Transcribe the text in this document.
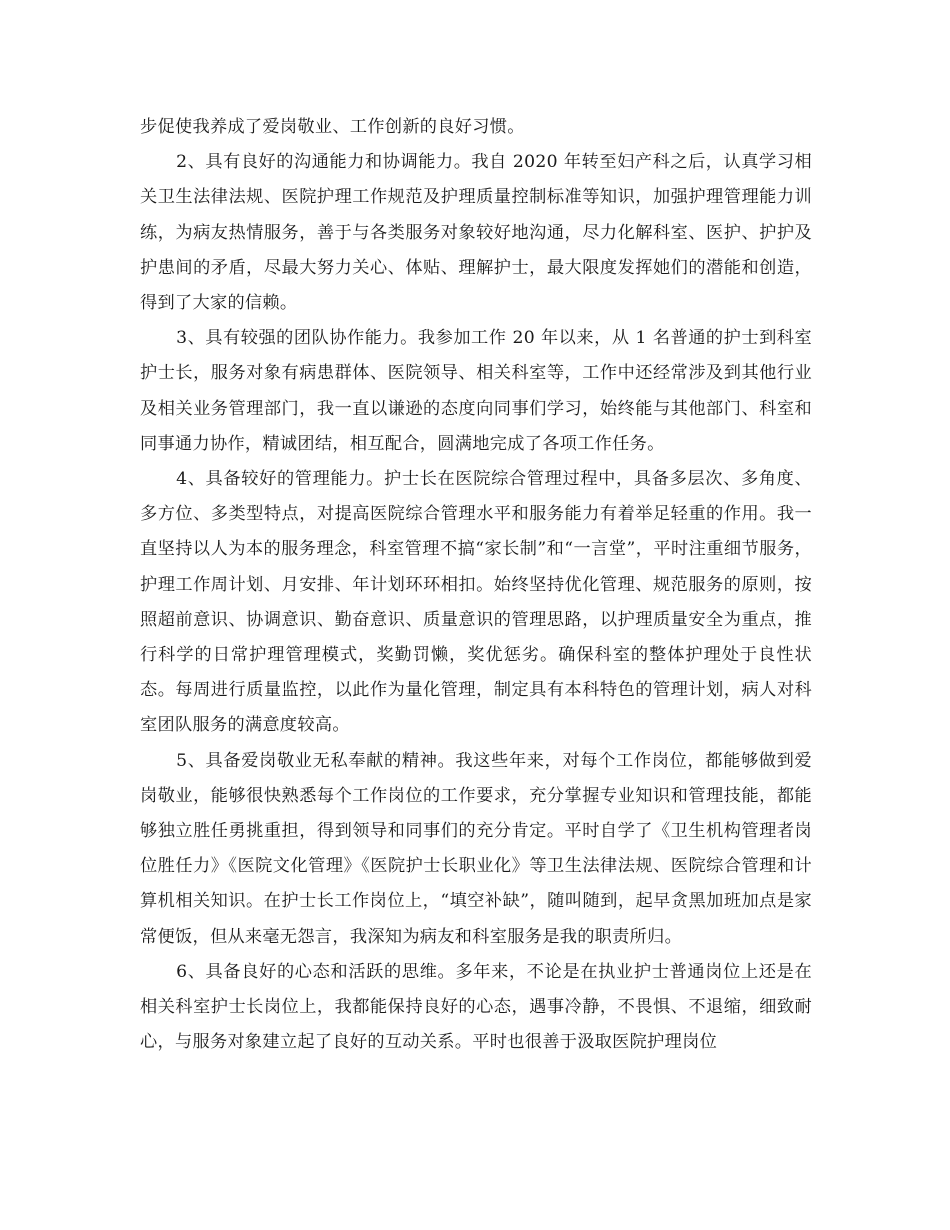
步促使我养成了爱岗敬业、工作创新的良好习惯。

2、具有良好的沟通能力和协调能力。我自 2020 年转至妇产科之后，认真学习相关卫生法律法规、医院护理工作规范及护理质量控制标准等知识，加强护理管理能力训练，为病友热情服务，善于与各类服务对象较好地沟通，尽力化解科室、医护、护护及护患间的矛盾，尽最大努力关心、体贴、理解护士，最大限度发挥她们的潜能和创造，得到了大家的信赖。

3、具有较强的团队协作能力。我参加工作 20 年以来，从 1 名普通的护士到科室护士长，服务对象有病患群体、医院领导、相关科室等，工作中还经常涉及到其他行业及相关业务管理部门，我一直以谦逊的态度向同事们学习，始终能与其他部门、科室和同事通力协作，精诚团结，相互配合，圆满地完成了各项工作任务。

4、具备较好的管理能力。护士长在医院综合管理过程中，具备多层次、多角度、多方位、多类型特点，对提高医院综合管理水平和服务能力有着举足轻重的作用。我一直坚持以人为本的服务理念，科室管理不搞“家长制”和“一言堂”，平时注重细节服务，护理工作周计划、月安排、年计划环环相扣。始终坚持优化管理、规范服务的原则，按照超前意识、协调意识、勤奋意识、质量意识的管理思路，以护理质量安全为重点，推行科学的日常护理管理模式，奖勤罚懒，奖优惩劣。确保科室的整体护理处于良性状态。每周进行质量监控，以此作为量化管理，制定具有本科特色的管理计划，病人对科室团队服务的满意度较高。

5、具备爱岗敬业无私奉献的精神。我这些年来，对每个工作岗位，都能够做到爱岗敬业，能够很快熟悉每个工作岗位的工作要求，充分掌握专业知识和管理技能，都能够独立胜任勇挑重担，得到领导和同事们的充分肯定。平时自学了《卫生机构管理者岗位胜任力》《医院文化管理》《医院护士长职业化》等卫生法律法规、医院综合管理和计算机相关知识。在护士长工作岗位上，“填空补缺”，随叫随到，起早贪黑加班加点是家常便饭，但从来毫无怨言，我深知为病友和科室服务是我的职责所归。

6、具备良好的心态和活跃的思维。多年来，不论是在执业护士普通岗位上还是在相关科室护士长岗位上，我都能保持良好的心态，遇事冷静，不畏惧、不退缩，细致耐心，与服务对象建立起了良好的互动关系。平时也很善于汲取医院护理岗位
